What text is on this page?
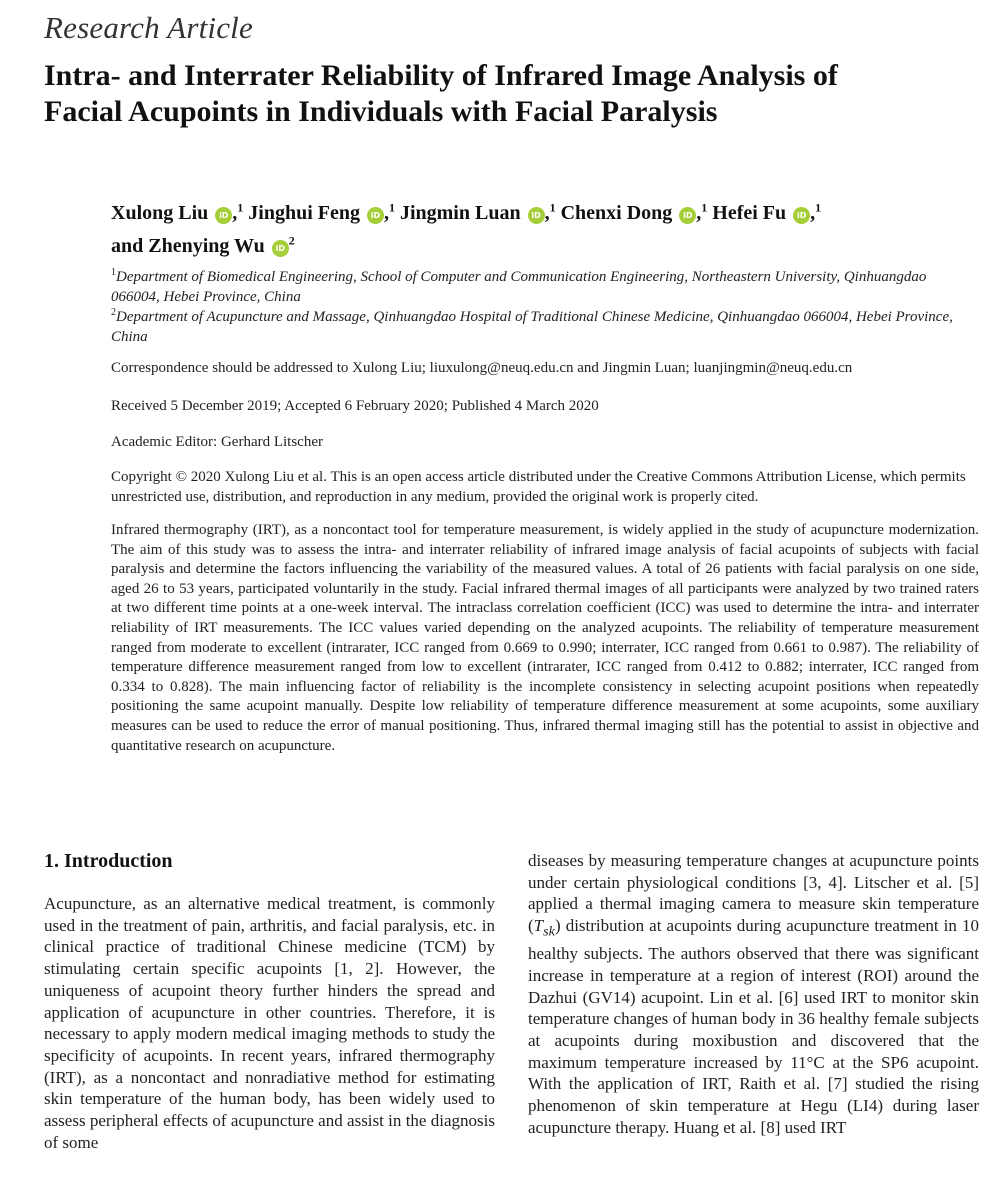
Research Article
Intra- and Interrater Reliability of Infrared Image Analysis of
Facial Acupoints in Individuals with Facial Paralysis
Xulong Liu iD ,$^1$ Jinghui Feng iD ,$^1$ Jingmin Luan iD ,$^1$ Chenxi Dong iD ,$^1$ Hefei Fu iD ,$^1$
and Zhenying Wu $iD^2$
$^1$Department of Biomedical Engineering, School of Computer and Communication Engineering, Northeastern University, Qinhuangdao 066004, Hebei Province, China
$^2$Department of Acupuncture and Massage, Qinhuangdao Hospital of Traditional Chinese Medicine, Qinhuangdao 066004, Hebei Province, China
Correspondence should be addressed to Xulong Liu; liuxulong@neuq.edu.cn and Jingmin Luan; luanjingmin@neuq.edu.cn
Received 5 December 2019; Accepted 6 February 2020; Published 4 March 2020
Academic Editor: Gerhard Litscher
Copyright © 2020 Xulong Liu et al. This is an open access article distributed under the Creative Commons Attribution License, which permits unrestricted use, distribution, and reproduction in any medium, provided the original work is properly cited.

Infrared thermography (IRT), as a noncontact tool for temperature measurement, is widely applied in the study of acupuncture modernization. The aim of this study was to assess the intra- and interrater reliability of infrared image analysis of facial acupoints of subjects with facial paralysis and determine the factors influencing the variability of the measured values. A total of 26 patients with facial paralysis on one side, aged 26 to 53 years, participated voluntarily in the study. Facial infrared thermal images of all participants were analyzed by two trained raters at two different time points at a one-week interval. The intraclass correlation coefficient (ICC) was used to determine the intra- and interrater reliability of IRT measurements. The ICC values varied depending on the analyzed acupoints. The reliability of temperature measurement ranged from moderate to excellent (intrarater, ICC ranged from 0.669 to 0.990; interrater, ICC ranged from 0.661 to 0.987). The reliability of temperature difference measurement ranged from low to excellent (intrarater, ICC ranged from 0.412 to 0.882; interrater, ICC ranged from 0.334 to 0.828). The main influencing factor of reliability is the incomplete consistency in selecting acupoint positions when repeatedly positioning the same acupoint manually. Despite low reliability of temperature difference measurement at some acupoints, some auxiliary measures can be used to reduce the error of manual positioning. Thus, infrared thermal imaging still has the potential to assist in objective and quantitative research on acupuncture.

1. Introduction

Acupuncture, as an alternative medical treatment, is commonly used in the treatment of pain, arthritis, and facial paralysis, etc. in clinical practice of traditional Chinese medicine (TCM) by stimulating certain specific acupoints [1, 2]. However, the uniqueness of acupoint theory further hinders the spread and application of acupuncture in other countries. Therefore, it is necessary to apply modern medical imaging methods to study the specificity of acupoints. In recent years, infrared thermography (IRT), as a noncontact and nonradiative method for estimating skin temperature of the human body, has been widely used to assess peripheral effects of acupuncture and assist in the diagnosis of some

diseases by measuring temperature changes at acupuncture points under certain physiological conditions [3, 4]. Litscher et al. [5] applied a thermal imaging camera to measure skin temperature $(T_{sk})$ distribution at acupoints during acupuncture treatment in 10 healthy subjects. The authors observed that there was significant increase in temperature at a region of interest (ROI) around the Dazhui (GV14) acupoint. Lin et al. [6] used IRT to monitor skin temperature changes of human body in 36 healthy female subjects at acupoints during moxibustion and discovered that the maximum temperature increased by 11°C at the SP6 acupoint. With the application of IRT, Raith et al. [7] studied the rising phenomenon of skin temperature at Hegu (LI4) during laser acupuncture therapy. Huang et al. [8] used IRT
